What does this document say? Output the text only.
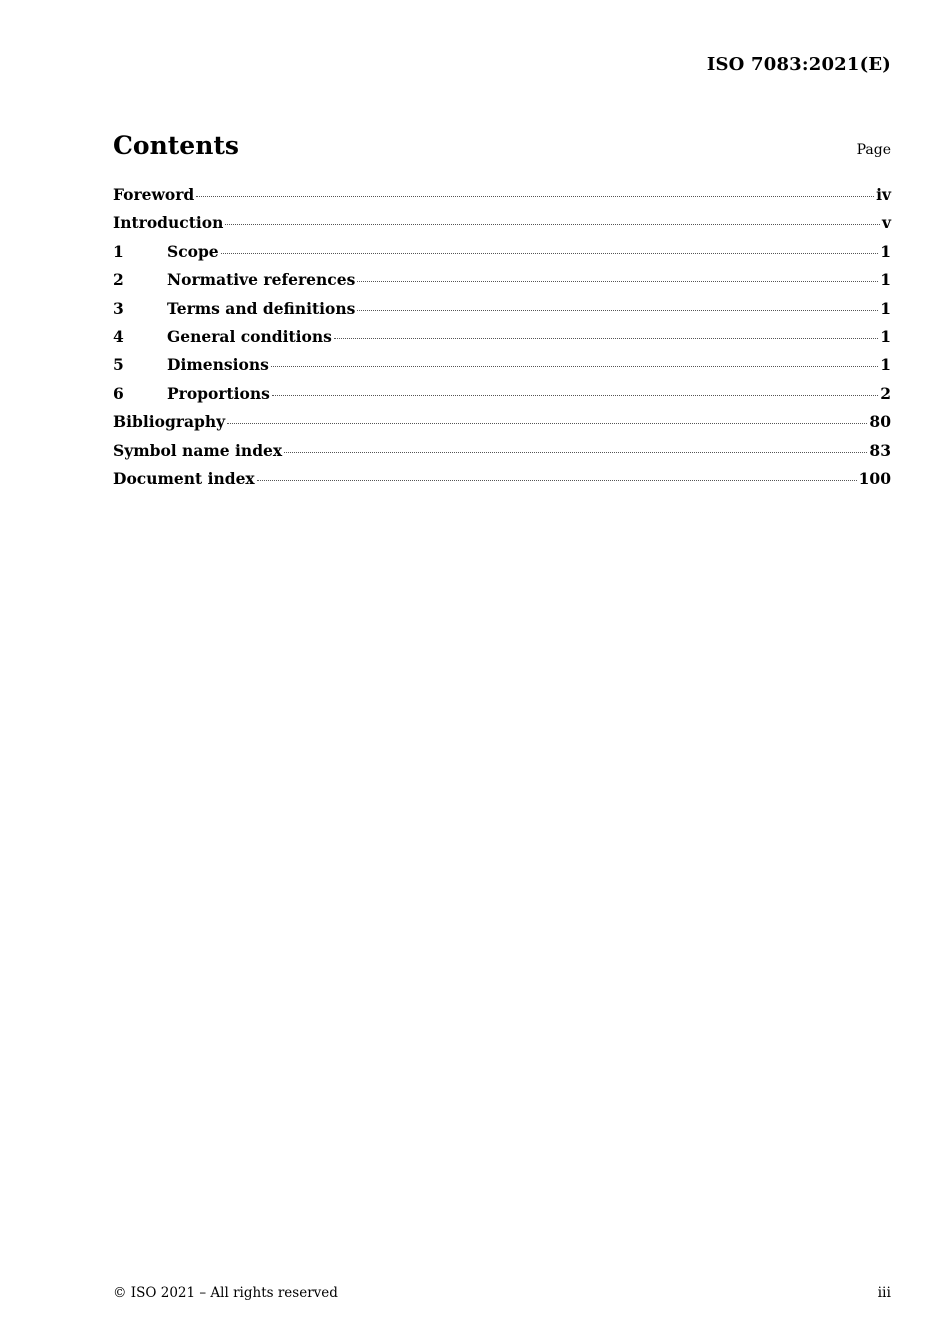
ISO 7083:2021(E)
Contents	Page
Foreword	iv
Introduction	v
1	Scope	1
2	Normative references	1
3	Terms and definitions	1
4	General conditions	1
5	Dimensions	1
6	Proportions	2
Bibliography	80
Symbol name index	83
Document index	100
© ISO 2021 – All rights reserved	iii
